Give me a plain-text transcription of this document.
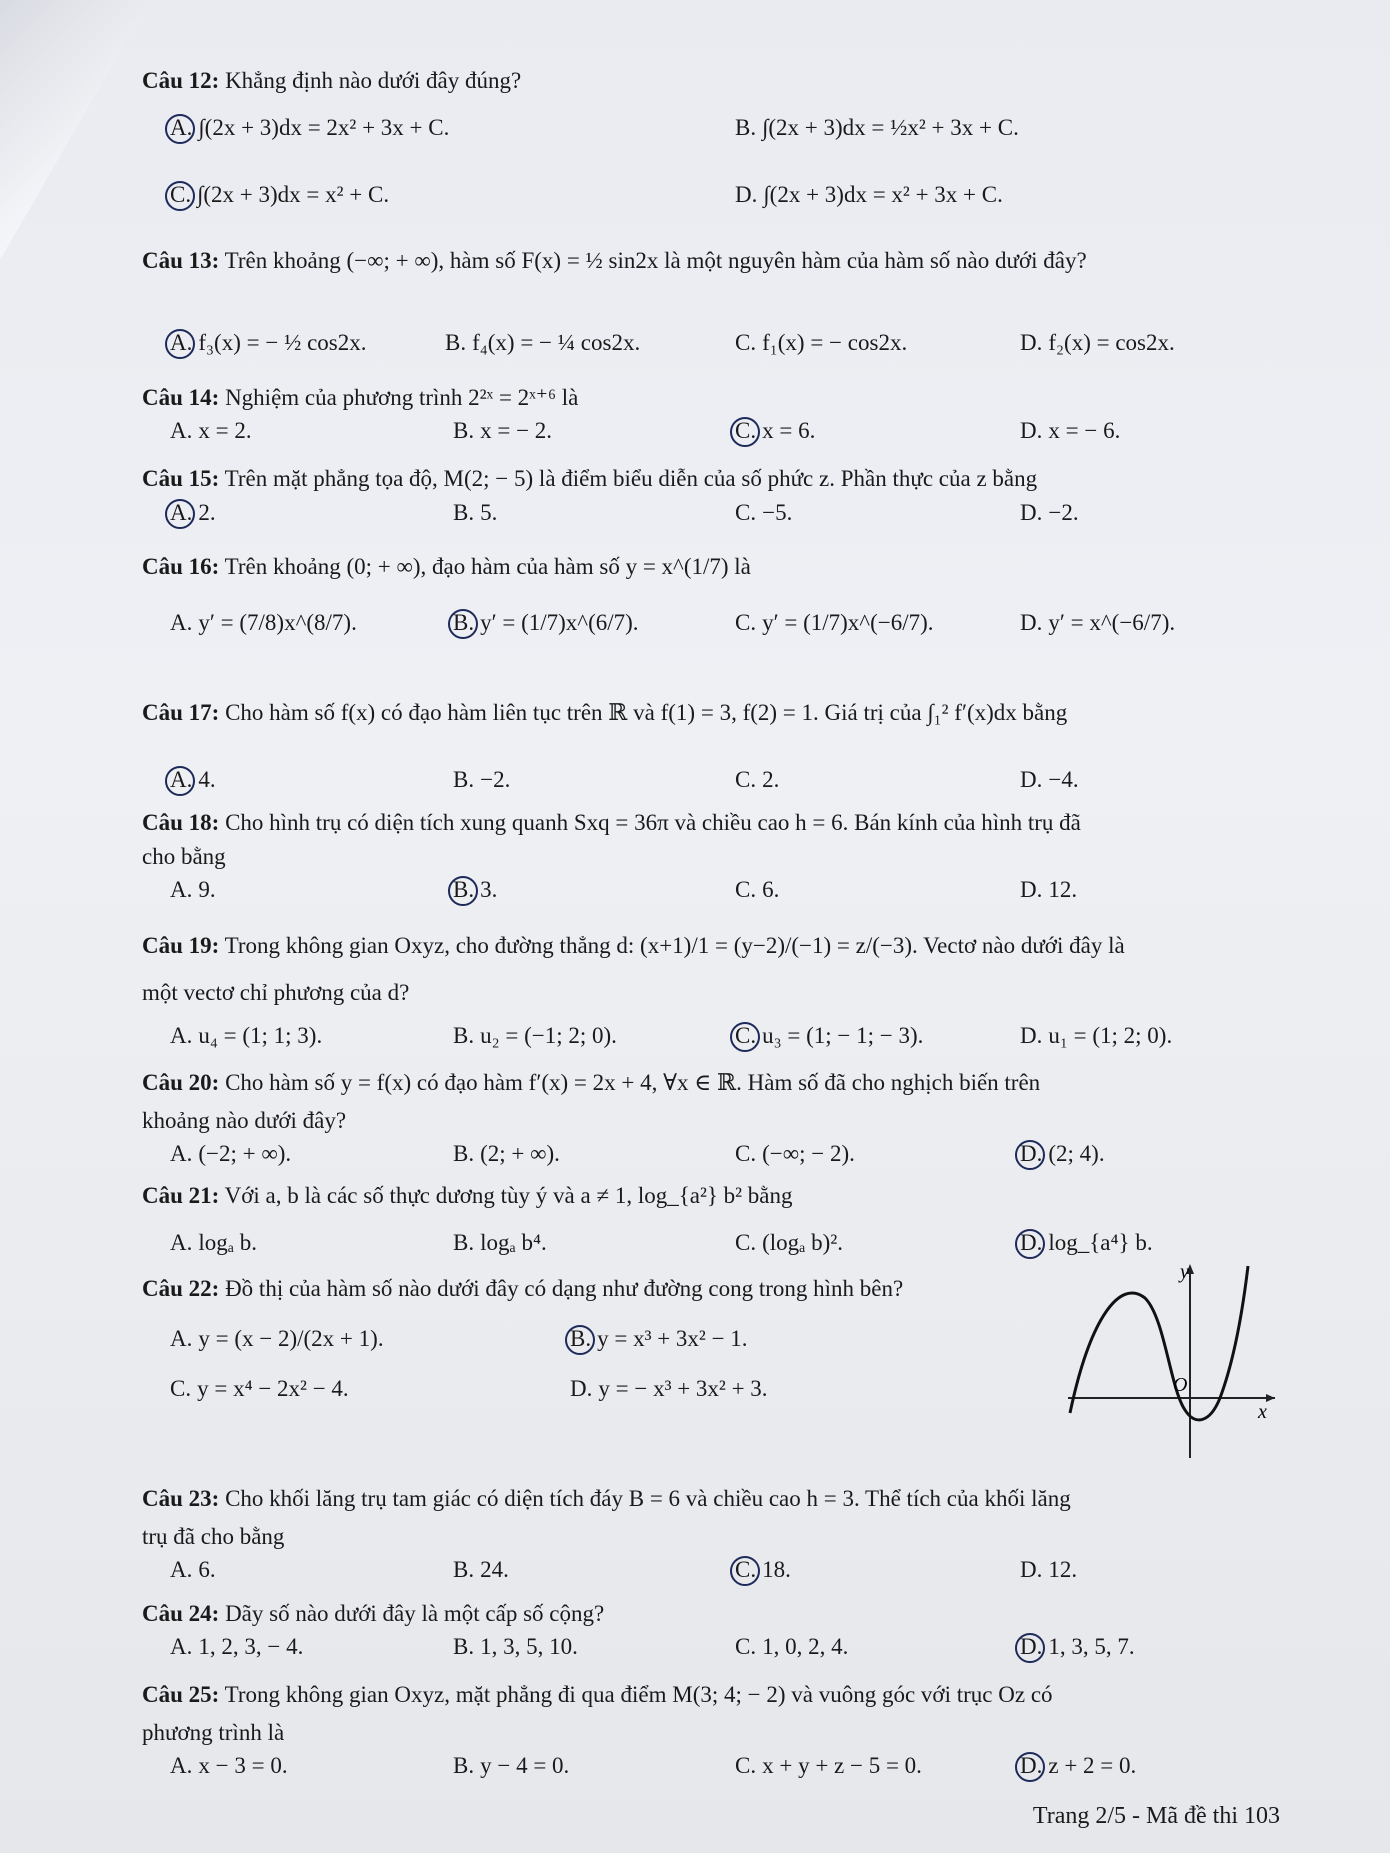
Câu 12: Khẳng định nào dưới đây đúng?
A. ∫(2x + 3)dx = 2x² + 3x + C.	B. ∫(2x + 3)dx = ½x² + 3x + C.
C. ∫(2x + 3)dx = x² + C.	D. ∫(2x + 3)dx = x² + 3x + C.
Câu 13: Trên khoảng (−∞; + ∞), hàm số F(x) = ½ sin2x là một nguyên hàm của hàm số nào dưới đây?
A. f₃(x) = − ½ cos2x.	B. f₄(x) = − ¼ cos2x.	C. f₁(x) = − cos2x.	D. f₂(x) = cos2x.
Câu 14: Nghiệm của phương trình 2²ˣ = 2ˣ⁺⁶ là
A. x = 2.	B. x = − 2.	C. x = 6.	D. x = − 6.
Câu 15: Trên mặt phẳng tọa độ, M(2; − 5) là điểm biểu diễn của số phức z. Phần thực của z bằng
A. 2.	B. 5.	C. −5.	D. −2.
Câu 16: Trên khoảng (0; + ∞), đạo hàm của hàm số y = x^(1/7) là
A. y′ = (7/8)x^(8/7).	B. y′ = (1/7)x^(6/7).	C. y′ = (1/7)x^(−6/7).	D. y′ = x^(−6/7).
Câu 17: Cho hàm số f(x) có đạo hàm liên tục trên ℝ và f(1) = 3, f(2) = 1. Giá trị của ∫₁² f′(x)dx bằng
A. 4.	B. −2.	C. 2.	D. −4.
Câu 18: Cho hình trụ có diện tích xung quanh Sxq = 36π và chiều cao h = 6. Bán kính của hình trụ đã
cho bằng
A. 9.	B. 3.	C. 6.	D. 12.
Câu 19: Trong không gian Oxyz, cho đường thẳng d: (x+1)/1 = (y−2)/(−1) = z/(−3). Vectơ nào dưới đây là
một vectơ chỉ phương của d?
A. u₄ = (1; 1; 3).	B. u₂ = (−1; 2; 0).	C. u₃ = (1; − 1; − 3).	D. u₁ = (1; 2; 0).
Câu 20: Cho hàm số y = f(x) có đạo hàm f′(x) = 2x + 4, ∀x ∈ ℝ. Hàm số đã cho nghịch biến trên
khoảng nào dưới đây?
A. (−2; + ∞).	B. (2; + ∞).	C. (−∞; − 2).	D. (2; 4).
Câu 21: Với a, b là các số thực dương tùy ý và a ≠ 1, log_{a²} b² bằng
A. logₐ b.	B. logₐ b⁴.	C. (logₐ b)².	D. log_{a⁴} b.
Câu 22: Đồ thị của hàm số nào dưới đây có dạng như đường cong trong hình bên?
A. y = (x − 2)/(2x + 1).	B. y = x³ + 3x² − 1.
C. y = x⁴ − 2x² − 4.	D. y = − x³ + 3x² + 3.
Câu 23: Cho khối lăng trụ tam giác có diện tích đáy B = 6 và chiều cao h = 3. Thể tích của khối lăng
trụ đã cho bằng
A. 6.	B. 24.	C. 18.	D. 12.
Câu 24: Dãy số nào dưới đây là một cấp số cộng?
A. 1, 2, 3, − 4.	B. 1, 3, 5, 10.	C. 1, 0, 2, 4.	D. 1, 3, 5, 7.
Câu 25: Trong không gian Oxyz, mặt phẳng đi qua điểm M(3; 4; − 2) và vuông góc với trục Oz có
phương trình là
A. x − 3 = 0.	B. y − 4 = 0.	C. x + y + z − 5 = 0.	D. z + 2 = 0.
y
x
O
Trang 2/5 - Mã đề thi 103
